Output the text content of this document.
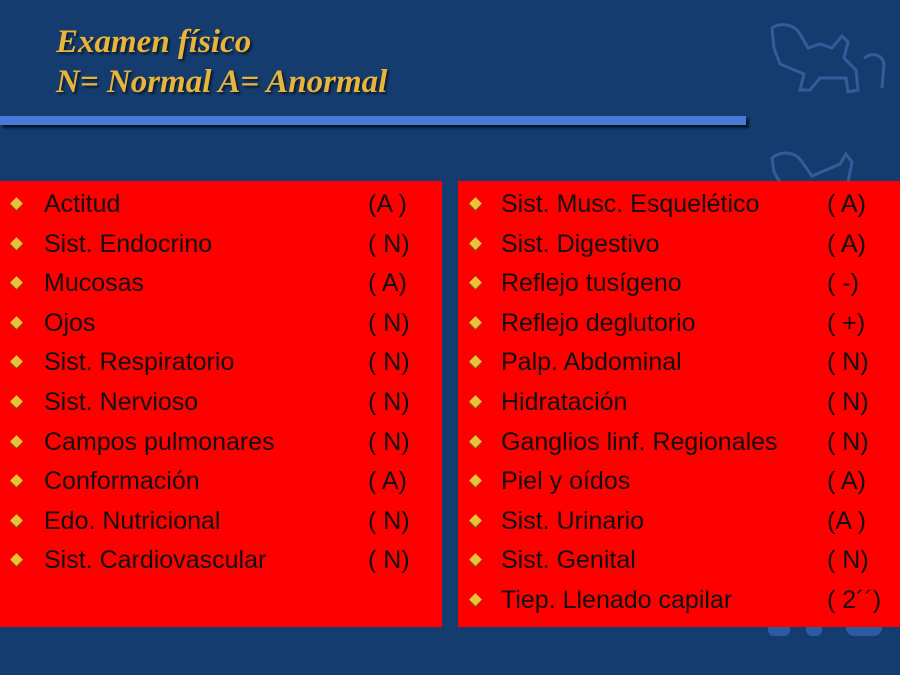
Examen físico
N= Normal A= Anormal
Actitud	(A )
Sist. Endocrino	( N)
Mucosas	( A)
Ojos	( N)
Sist. Respiratorio	( N)
Sist. Nervioso	( N)
Campos pulmonares	( N)
Conformación	( A)
Edo. Nutricional	( N)
Sist. Cardiovascular	( N)
Sist. Musc. Esquelético	( A)
Sist. Digestivo	( A)
Reflejo tusígeno	( -)
Reflejo deglutorio	( +)
Palp. Abdominal	( N)
Hidratación	( N)
Ganglios linf. Regionales ( N)
Piel y oídos	( A)
Sist. Urinario	(A )
Sist. Genital	( N)
Tiep. Llenado capilar	( 2´´)
